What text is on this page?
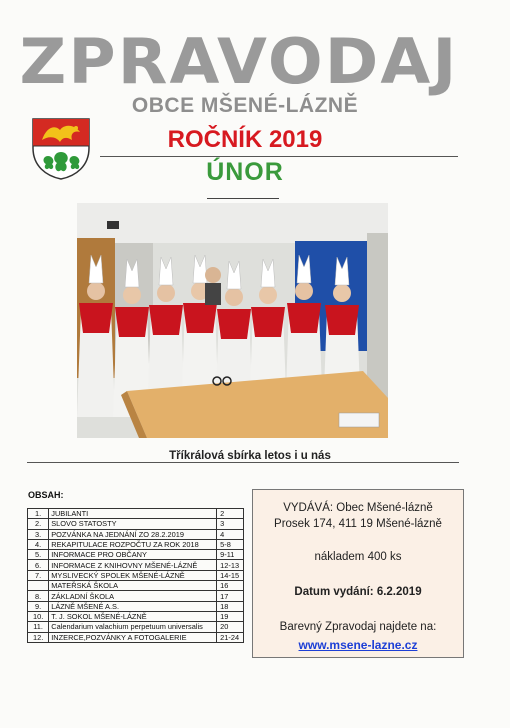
ZPRAVODAJ
OBCE MŠENÉ-LÁZNĚ
ROČNÍK 2019
ÚNOR
Tříkrálová sbírka letos i u nás
OBSAH:
1.	JUBILANTI	2
2.	SLOVO STATOSTY	3
3.	POZVÁNKA NA JEDNÁNÍ ZO 28.2.2019	4
4.	REKAPITULACE ROZPOČTU ZA ROK 2018	5-8
5.	INFORMACE PRO OBČANY	9-11
6.	INFORMACE Z KNIHOVNY MŠENÉ-LÁZNĚ	12-13
7.	MYSLIVECKÝ SPOLEK MŠENÉ-LÁZNĚ	14-15
	MATEŘSKÁ ŠKOLA	16
8.	ZÁKLADNÍ ŠKOLA	17
9.	LÁZNĚ MŠENÉ A.S.	18
10.	T. J. SOKOL MŠENÉ-LÁZNĚ	19
11.	Calendarium valachium perpetuum universalis	20
12.	INZERCE,POZVÁNKY A FOTOGALERIE	21-24
VYDÁVÁ: Obec Mšené-lázně
Prosek 174, 411 19 Mšené-lázně
nákladem 400 ks
Datum vydání: 6.2.2019
Barevný Zpravodaj najdete na:
www.msene-lazne.cz
